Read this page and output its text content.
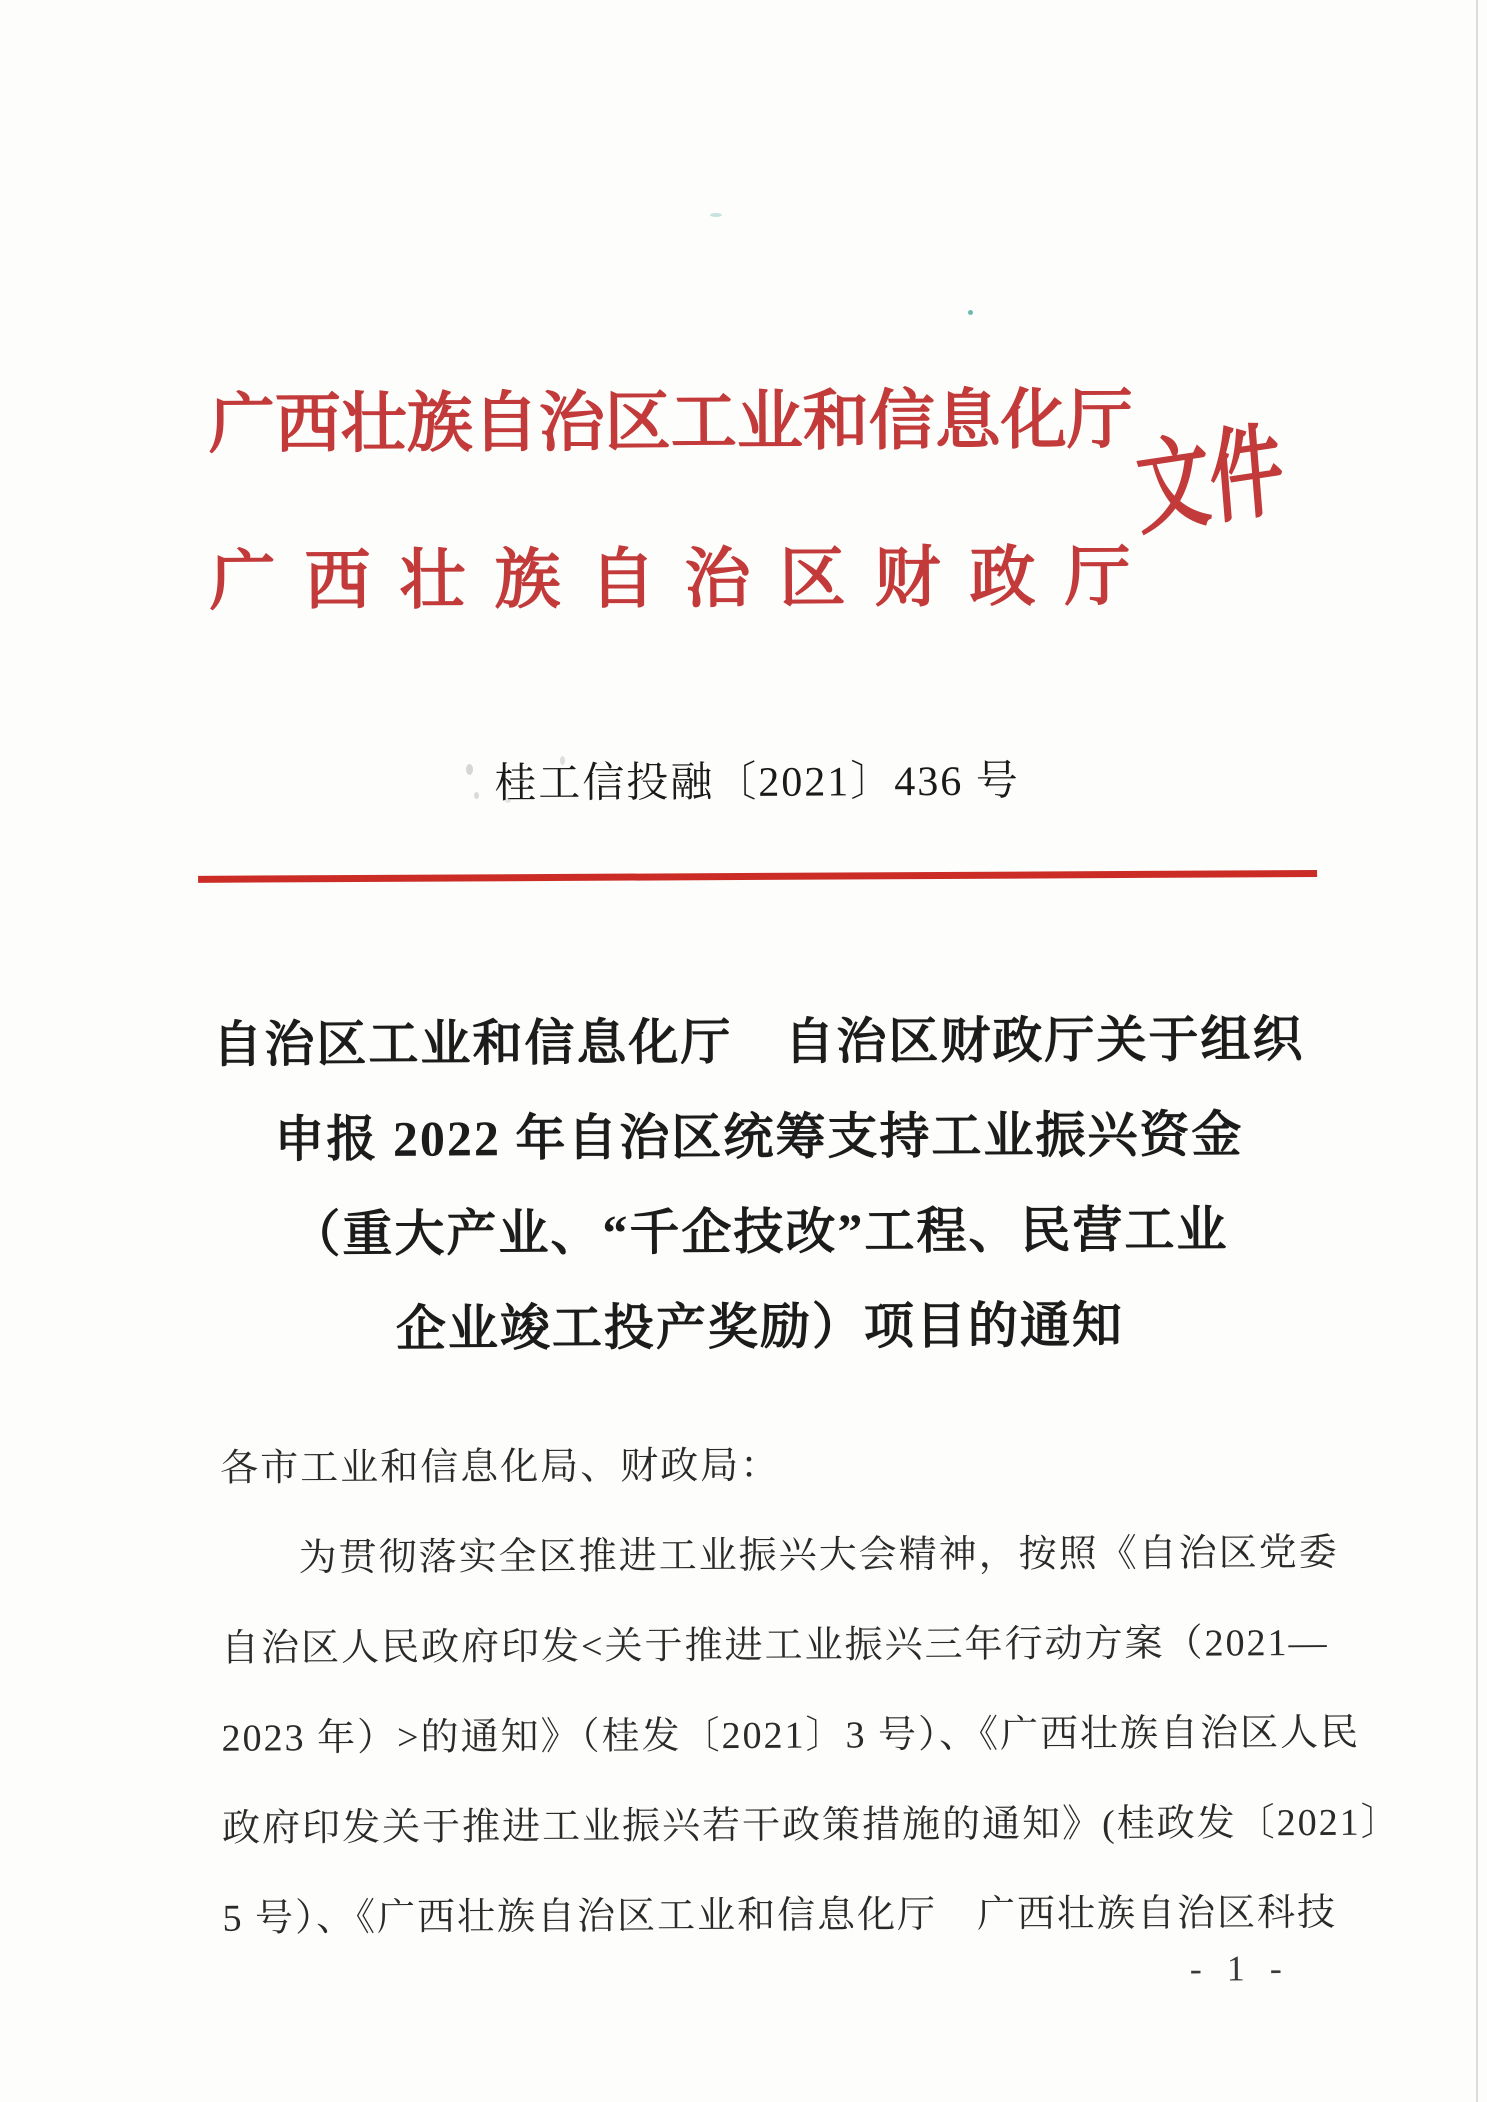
广西壮族自治区工业和信息化厅
广西壮族自治区财政厅
文件
桂工信投融〔2021〕436 号
自治区工业和信息化厅　自治区财政厅关于组织
申报 2022 年自治区统筹支持工业振兴资金
（重大产业、“千企技改”工程、民营工业
企业竣工投产奖励）项目的通知
各市工业和信息化局、财政局：
为贯彻落实全区推进工业振兴大会精神，按照《自治区党委
自治区人民政府印发<关于推进工业振兴三年行动方案（2021—
2023 年）>的通知》（桂发〔2021〕3 号）、《广西壮族自治区人民
政府印发关于推进工业振兴若干政策措施的通知》(桂政发〔2021〕
5 号）、《广西壮族自治区工业和信息化厅　广西壮族自治区科技
- 1 -
